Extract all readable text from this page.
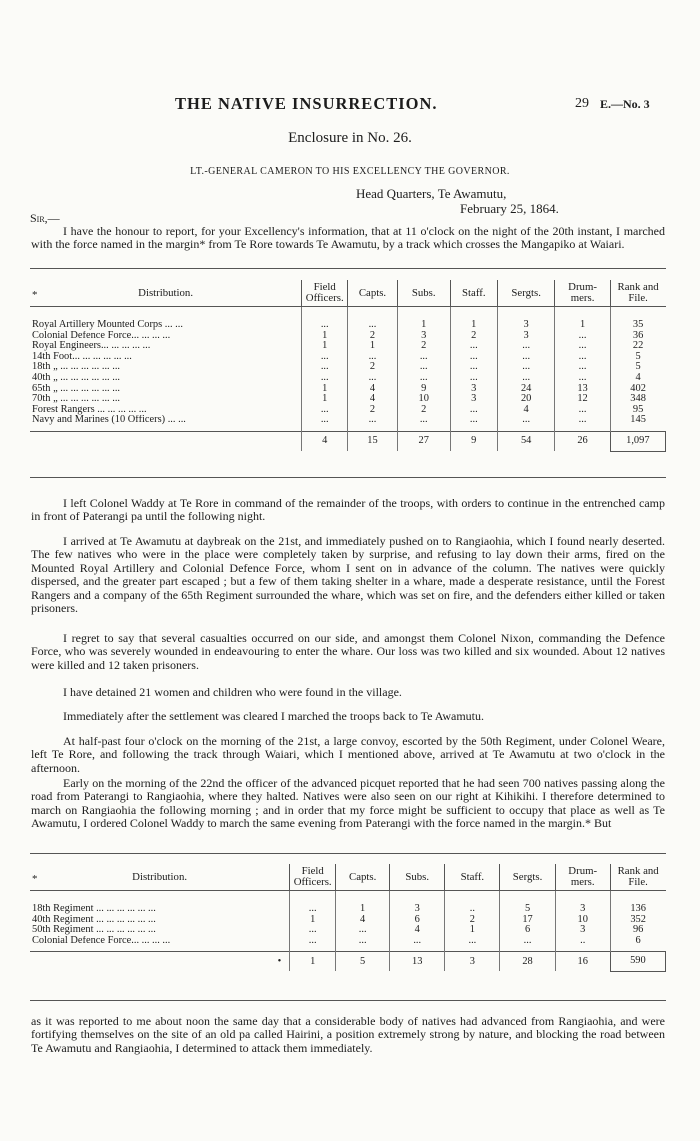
THE NATIVE INSURRECTION.	29 E.—No. 3
Enclosure in No. 26.
LT.-GENERAL CAMERON TO HIS EXCELLENCY THE GOVERNOR.
Head Quarters, Te Awamutu,
February 25, 1864.
Sir,—

I have the honour to report, for your Excellency's information, that at 11 o'clock on the night of the 20th instant, I marched with the force named in the margin* from Te Rore towards Te Awamutu, by a track which crosses the Mangapiko at Waiari.

* Distribution.	Field Officers.	Capts.	Subs.	Staff.	Sergts.	Drum-mers.	Rank and File.
Royal Artillery Mounted Corps ... ...	...	...	1	1	3	1	35
Colonial Defence Force... ... ... ...	1	2	3	2	3	...	36
Royal Engineers... ... ... ... ...	1	1	2	...	...	...	22
14th Foot... ... ... ... ... ...	...	...	...	...	...	...	5
18th „ ... ... ... ... ... ...	...	2	...	...	...	...	5
40th „ ... ... ... ... ... ...	...	...	...	...	...	...	4
65th „ ... ... ... ... ... ...	1	4	9	3	24	13	402
70th „ ... ... ... ... ... ...	1	4	10	3	20	12	348
Forest Rangers ... ... ... ... ...	...	2	2	...	4	...	95
Navy and Marines (10 Officers) ... ...	...	...	...	...	...	...	145
	4	15	27	9	54	26	1,097

I left Colonel Waddy at Te Rore in command of the remainder of the troops, with orders to continue in the entrenched camp in front of Paterangi pa until the following night.

I arrived at Te Awamutu at daybreak on the 21st, and immediately pushed on to Rangiaohia, which I found nearly deserted. The few natives who were in the place were completely taken by surprise, and refusing to lay down their arms, fired on the Mounted Royal Artillery and Colonial Defence Force, whom I sent on in advance of the column. The natives were quickly dispersed, and the greater part escaped ; but a few of them taking shelter in a whare, made a desperate resistance, until the Forest Rangers and a company of the 65th Regiment surrounded the whare, which was set on fire, and the defenders either killed or taken prisoners.

I regret to say that several casualties occurred on our side, and amongst them Colonel Nixon, commanding the Defence Force, who was severely wounded in endeavouring to enter the whare. Our loss was two killed and six wounded. About 12 natives were killed and 12 taken prisoners.

I have detained 21 women and children who were found in the village.

Immediately after the settlement was cleared I marched the troops back to Te Awamutu.

At half-past four o'clock on the morning of the 21st, a large convoy, escorted by the 50th Regiment, under Colonel Weare, left Te Rore, and following the track through Waiari, which I mentioned above, arrived at Te Awamutu at two o'clock in the afternoon.

Early on the morning of the 22nd the officer of the advanced picquet reported that he had seen 700 natives passing along the road from Paterangi to Rangiaohia, where they halted. Natives were also seen on our right at Kihikihi. I therefore determined to march on Rangiaohia the following morning ; and in order that my force might be sufficient to occupy that place as well as Te Awamutu, I ordered Colonel Waddy to march the same evening from Paterangi with the force named in the margin.* But

* Distribution.	Field Officers.	Capts.	Subs.	Staff.	Sergts.	Drum-mers.	Rank and File.
18th Regiment ... ... ... ... ... ...	...	1	3	..	5	3	136
40th Regiment ... ... ... ... ... ...	1	4	6	2	17	10	352
50th Regiment ... ... ... ... ... ...	...	...	4	1	6	3	96
Colonial Defence Force... ... ... ...	...	...	...	...	...	..	6
•	1	5	13	3	28	16	590

as it was reported to me about noon the same day that a considerable body of natives had advanced from Rangiaohia, and were fortifying themselves on the site of an old pa called Hairini, a position extremely strong by nature, and blocking the road between Te Awamutu and Rangiaohia, I determined to attack them immediately.
